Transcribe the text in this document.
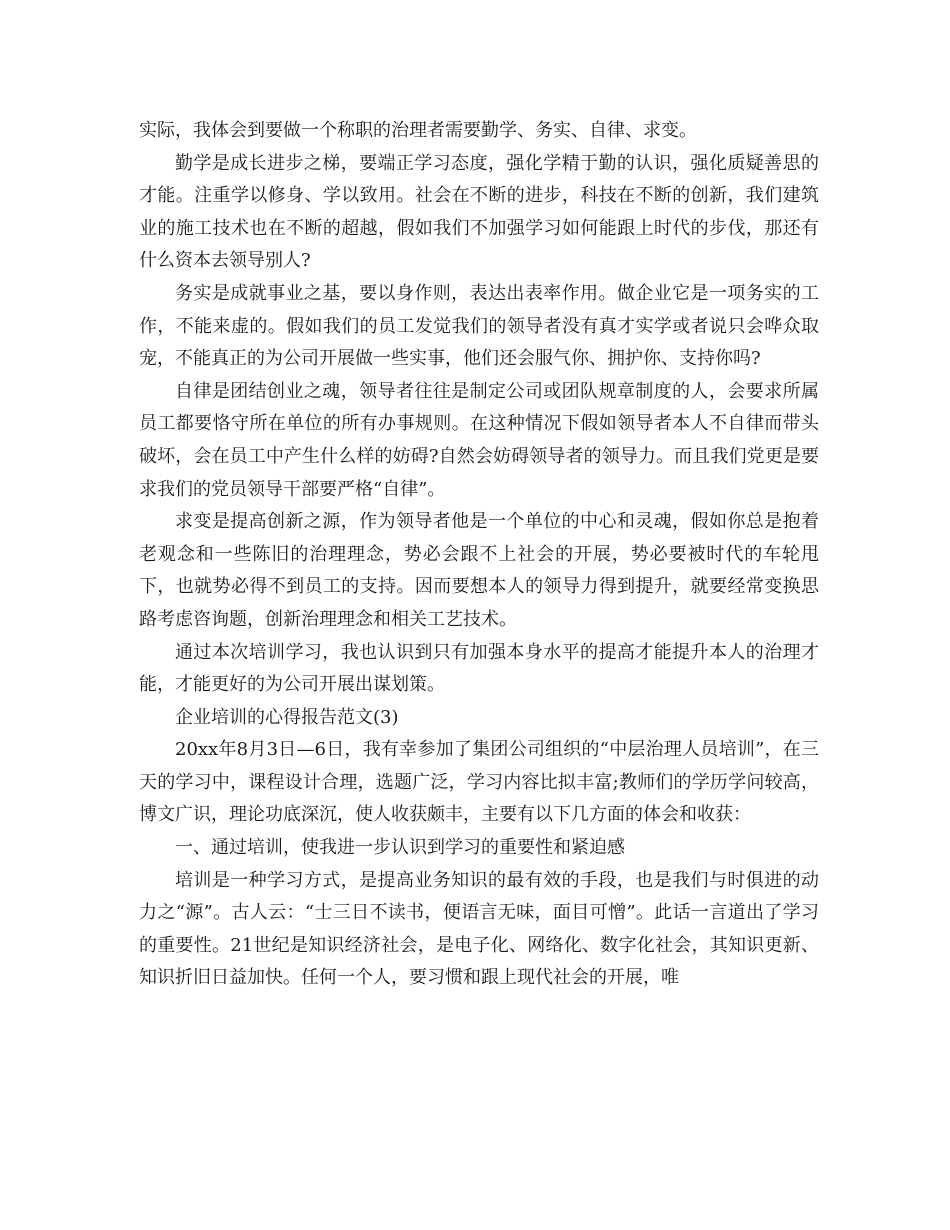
实际，我体会到要做一个称职的治理者需要勤学、务实、自律、求变。

勤学是成长进步之梯，要端正学习态度，强化学精于勤的认识，强化质疑善思的才能。注重学以修身、学以致用。社会在不断的进步，科技在不断的创新，我们建筑业的施工技术也在不断的超越，假如我们不加强学习如何能跟上时代的步伐，那还有什么资本去领导别人?

务实是成就事业之基，要以身作则，表达出表率作用。做企业它是一项务实的工作，不能来虚的。假如我们的员工发觉我们的领导者没有真才实学或者说只会哗众取宠，不能真正的为公司开展做一些实事，他们还会服气你、拥护你、支持你吗?

自律是团结创业之魂，领导者往往是制定公司或团队规章制度的人，会要求所属员工都要恪守所在单位的所有办事规则。在这种情况下假如领导者本人不自律而带头破坏，会在员工中产生什么样的妨碍?自然会妨碍领导者的领导力。而且我们党更是要求我们的党员领导干部要严格“自律”。

求变是提高创新之源，作为领导者他是一个单位的中心和灵魂，假如你总是抱着老观念和一些陈旧的治理理念，势必会跟不上社会的开展，势必要被时代的车轮甩下，也就势必得不到员工的支持。因而要想本人的领导力得到提升，就要经常变换思路考虑咨询题，创新治理理念和相关工艺技术。

通过本次培训学习，我也认识到只有加强本身水平的提高才能提升本人的治理才能，才能更好的为公司开展出谋划策。

企业培训的心得报告范文(3)

20xx年8月3日—6日，我有幸参加了集团公司组织的“中层治理人员培训”，在三天的学习中，课程设计合理，选题广泛，学习内容比拟丰富;教师们的学历学问较高，博文广识，理论功底深沉，使人收获颇丰，主要有以下几方面的体会和收获：

一、通过培训，使我进一步认识到学习的重要性和紧迫感

培训是一种学习方式，是提高业务知识的最有效的手段，也是我们与时俱进的动力之“源”。古人云：“士三日不读书，便语言无味，面目可憎”。此话一言道出了学习的重要性。21世纪是知识经济社会，是电子化、网络化、数字化社会，其知识更新、知识折旧日益加快。任何一个人，要习惯和跟上现代社会的开展，唯
